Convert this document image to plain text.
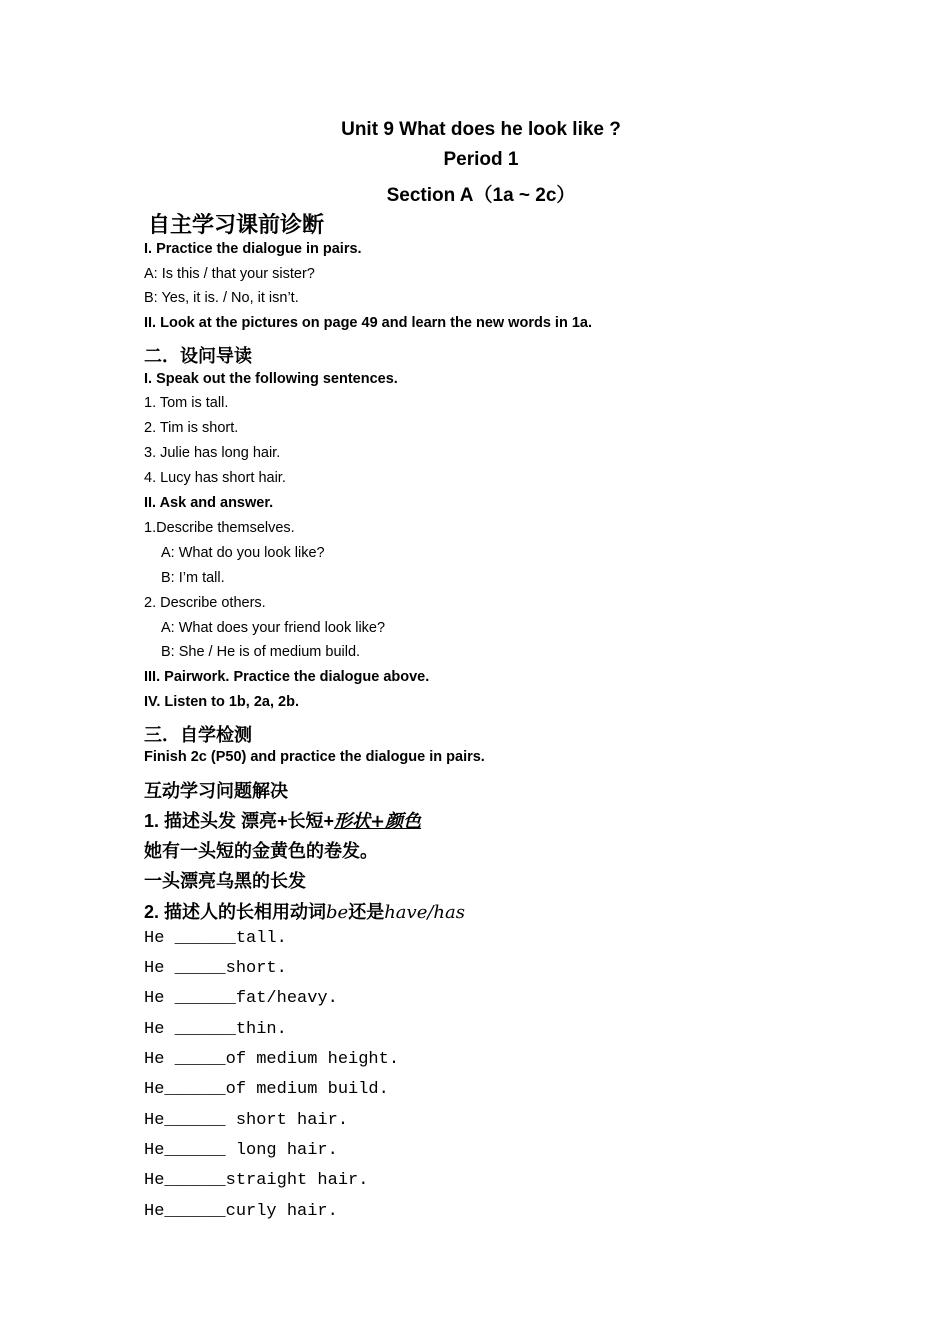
Unit 9 What does he look like ?
Period 1
Section A（1a ~ 2c）
自主学习课前诊断
I. Practice the dialogue in pairs.
A: Is this / that your sister?
B: Yes, it is. / No, it isn’t.
II. Look at the pictures on page 49 and learn the new words in 1a.
二．设问导读
I. Speak out the following sentences.
1. Tom is tall.
2. Tim is short.
3. Julie has long hair.
4. Lucy has short hair.
II. Ask and answer.
1.Describe themselves.
A: What do you look like?
B: I’m tall.
2. Describe others.
A: What does your friend look like?
B: She / He is of medium build.
III. Pairwork. Practice the dialogue above.
IV. Listen to 1b, 2a, 2b.
三．自学检测
Finish 2c (P50) and practice the dialogue in pairs.
互动学习问题解决
1. 描述头发 漂亮+长短+形状+颜色
她有一头短的金黄色的卷发。
一头漂亮乌黑的长发
2. 描述人的长相用动词be还是have/has
He ______tall.
He _____short.
He ______fat/heavy.
He ______thin.
He _____of medium height.
He______of medium build.
He______ short hair.
He______ long hair.
He______straight hair.
He______curly hair.
